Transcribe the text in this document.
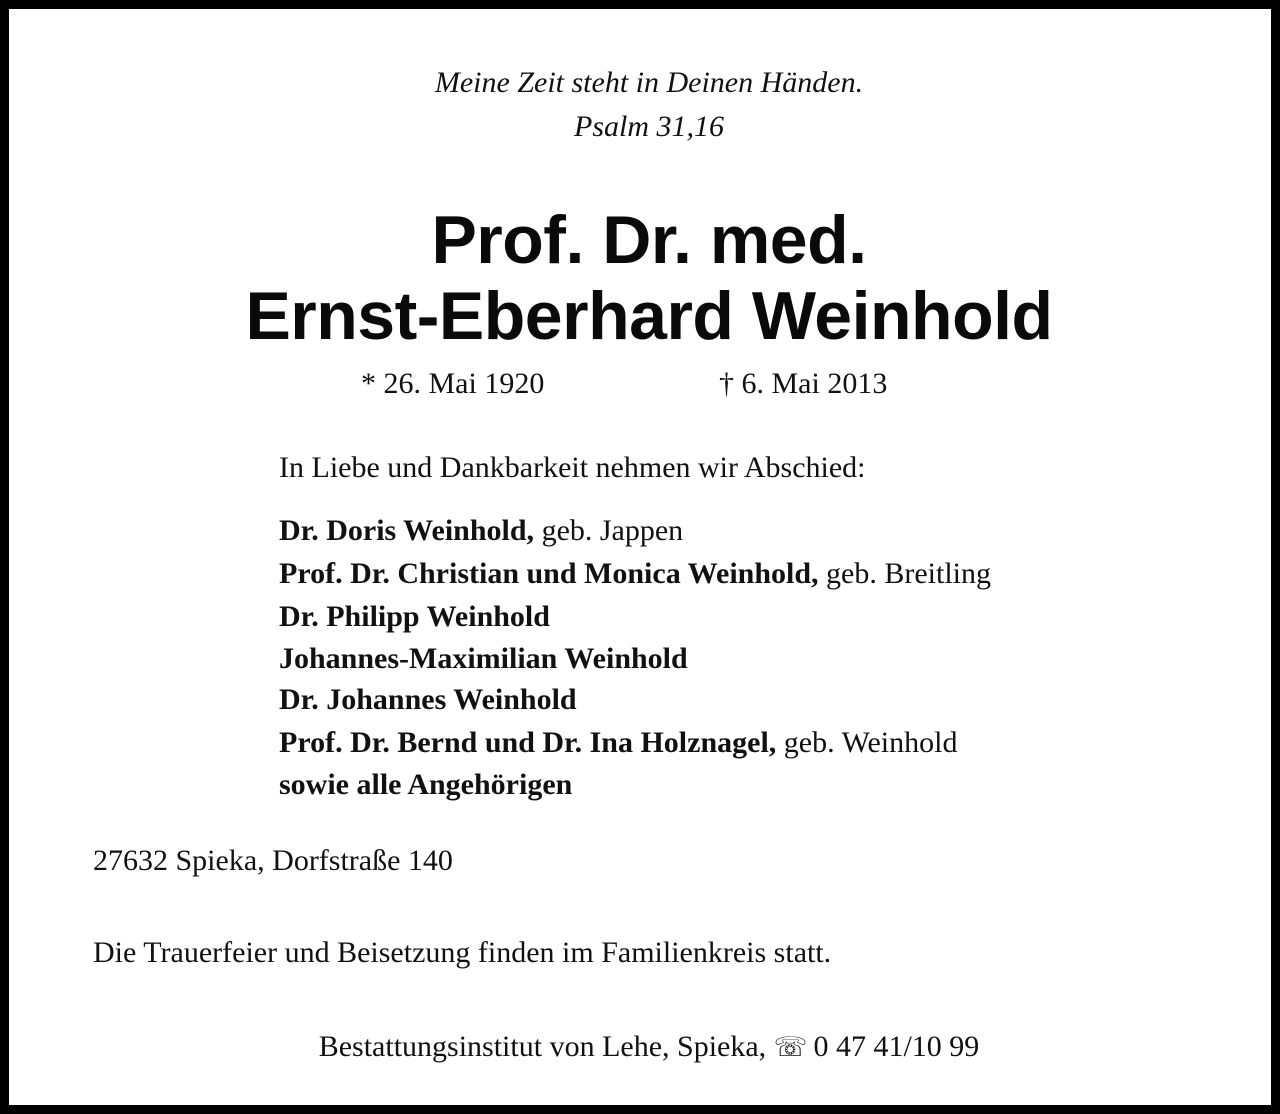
Meine Zeit steht in Deinen Händen.
Psalm 31,16
Prof. Dr. med.
Ernst-Eberhard Weinhold
* 26. Mai 1920	† 6. Mai 2013
In Liebe und Dankbarkeit nehmen wir Abschied:
Dr. Doris Weinhold, geb. Jappen
Prof. Dr. Christian und Monica Weinhold, geb. Breitling
Dr. Philipp Weinhold
Johannes-Maximilian Weinhold
Dr. Johannes Weinhold
Prof. Dr. Bernd und Dr. Ina Holznagel, geb. Weinhold
sowie alle Angehörigen
27632 Spieka, Dorfstraße 140
Die Trauerfeier und Beisetzung finden im Familienkreis statt.
Bestattungsinstitut von Lehe, Spieka, ☏ 0 47 41/10 99
